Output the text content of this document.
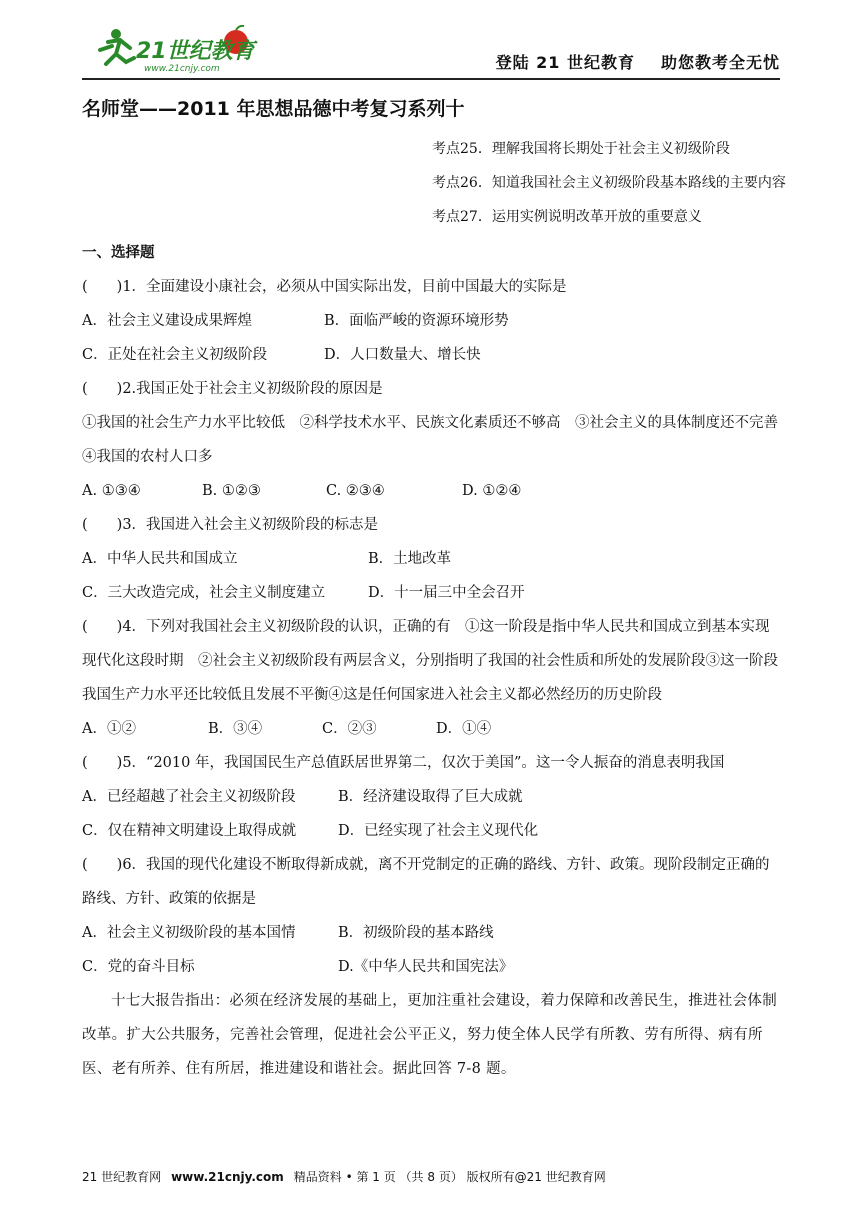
21世纪教育
www.21cnjy.com	登陆 21 世纪教育 助您教考全无忧
名师堂——2011 年思想品德中考复习系列十
考点25．理解我国将长期处于社会主义初级阶段
考点26．知道我国社会主义初级阶段基本路线的主要内容
考点27．运用实例说明改革开放的重要意义
一、选择题
(　　)1．全面建设小康社会，必须从中国实际出发，目前中国最大的实际是
A．社会主义建设成果辉煌	B．面临严峻的资源环境形势
C．正处在社会主义初级阶段	D．人口数量大、增长快
(　　)2.我国正处于社会主义初级阶段的原因是

①我国的社会生产力水平比较低　②科学技术水平、民族文化素质还不够高　③社会主义的具体制度还不完善 ④我国的农村人口多

A. ①③④	B. ①②③	C. ②③④	D. ①②④
(　　)3．我国进入社会主义初级阶段的标志是
A．中华人民共和国成立	B．土地改革
C．三大改造完成，社会主义制度建立	D．十一届三中全会召开

(　　)4．下列对我国社会主义初级阶段的认识，正确的有　①这一阶段是指中华人民共和国成立到基本实现现代化这段时期　②社会主义初级阶段有两层含义，分别指明了我国的社会性质和所处的发展阶段③这一阶段　我国生产力水平还比较低且发展不平衡④这是任何国家进入社会主义都必然经历的历史阶段

A．①②	B．③④	C．②③	D．①④
(　　)5．“2010 年，我国国民生产总值跃居世界第二，仅次于美国”。这一令人振奋的消息表明我国
A．已经超越了社会主义初级阶段	B．经济建设取得了巨大成就
C．仅在精神文明建设上取得成就	D．已经实现了社会主义现代化

(　　)6．我国的现代化建设不断取得新成就，离不开党制定的正确的路线、方针、政策。现阶段制定正确的路线、方针、政策的依据是

A．社会主义初级阶段的基本国情	B．初级阶段的基本路线
C．党的奋斗目标	D.《中华人民共和国宪法》

十七大报告指出：必须在经济发展的基础上，更加注重社会建设，着力保障和改善民生，推进社会体制改革。扩大公共服务，完善社会管理，促进社会公平正义，努力使全体人民学有所教、劳有所得、病有所医、老有所养、住有所居，推进建设和谐社会。据此回答 7-8 题。

21 世纪教育网 www.21cnjy.com 精品资料 • 第 1 页 （共 8 页） 版权所有@21 世纪教育网
